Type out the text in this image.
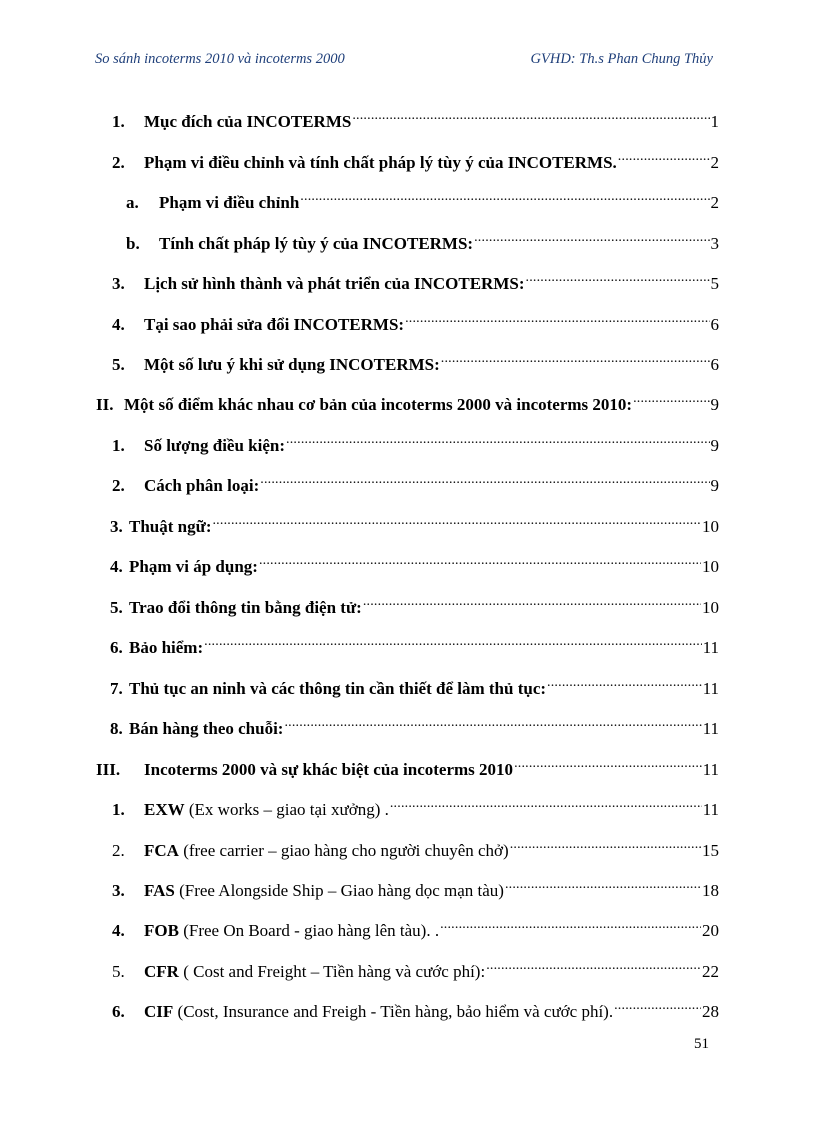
So sánh incoterms 2010 và incoterms 2000	GVHD: Th.s Phan Chung Thủy
1.	Mục đích của INCOTERMS .....	1
2.	Phạm vi điều chỉnh và tính chất pháp lý tùy ý của INCOTERMS. .....	2
a.	Phạm vi điều chỉnh .....	2
b.	Tính chất pháp lý tùy ý của INCOTERMS: .....	3
3.	Lịch sử hình thành và phát triển của INCOTERMS: .....	5
4.	Tại sao phải sửa đổi INCOTERMS: .....	6
5.	Một số lưu ý khi sử dụng INCOTERMS: .....	6
II. Một số điểm khác nhau cơ bản của incoterms 2000 và incoterms 2010: .....	9
1.	Số lượng điều kiện: .....	9
2.	Cách phân loại: .....	9
3. Thuật ngữ: .....	10
4. Phạm vi áp dụng: .....	10
5. Trao đổi thông tin bằng điện tử: .....	10
6. Bảo hiểm: .....	11
7. Thủ tục an ninh và các thông tin cần thiết để làm thủ tục: .....	11
8. Bán hàng theo chuỗi: .....	11
III.	Incoterms 2000 và sự khác biệt của incoterms 2010 .....	11
1.	EXW (Ex works – giao tại xưởng) . .....	11
2.	FCA (free carrier – giao hàng cho người chuyên chở) .....	15
3.	FAS (Free Alongside Ship – Giao hàng dọc mạn tàu) .....	18
4.	FOB (Free On Board - giao hàng lên tàu). . .....	20
5.	CFR ( Cost and Freight – Tiền hàng và cước phí): .....	22
6.	CIF (Cost, Insurance and Freigh - Tiền hàng, bảo hiểm và cước phí). .....	28
51
